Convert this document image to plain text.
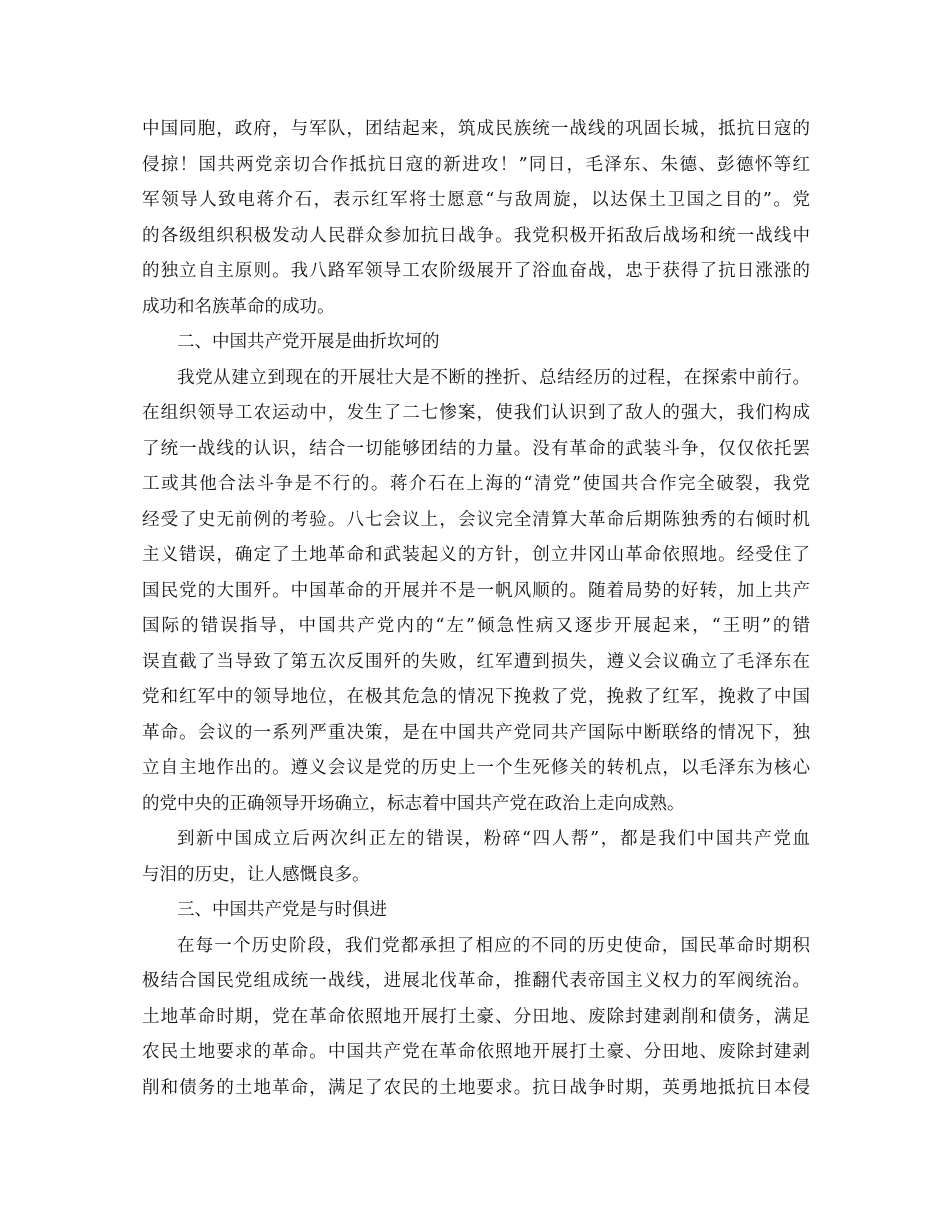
中国同胞，政府，与军队，团结起来，筑成民族统一战线的巩固长城，抵抗日寇的
侵掠！国共两党亲切合作抵抗日寇的新进攻！”同日，毛泽东、朱德、彭德怀等红
军领导人致电蒋介石，表示红军将士愿意“与敌周旋，以达保土卫国之目的”。党
的各级组织积极发动人民群众参加抗日战争。我党积极开拓敌后战场和统一战线中
的独立自主原则。我八路军领导工农阶级展开了浴血奋战，忠于获得了抗日涨涨的
成功和名族革命的成功。
二、中国共产党开展是曲折坎坷的
我党从建立到现在的开展壮大是不断的挫折、总结经历的过程，在探索中前行。
在组织领导工农运动中，发生了二七惨案，使我们认识到了敌人的强大，我们构成
了统一战线的认识，结合一切能够团结的力量。没有革命的武装斗争，仅仅依托罢
工或其他合法斗争是不行的。蒋介石在上海的“清党”使国共合作完全破裂，我党
经受了史无前例的考验。八七会议上，会议完全清算大革命后期陈独秀的右倾时机
主义错误，确定了土地革命和武装起义的方针，创立井冈山革命依照地。经受住了
国民党的大围歼。中国革命的开展并不是一帆风顺的。随着局势的好转，加上共产
国际的错误指导，中国共产党内的“左”倾急性病又逐步开展起来，“王明”的错
误直截了当导致了第五次反围歼的失败，红军遭到损失，遵义会议确立了毛泽东在
党和红军中的领导地位，在极其危急的情况下挽救了党，挽救了红军，挽救了中国
革命。会议的一系列严重决策，是在中国共产党同共产国际中断联络的情况下，独
立自主地作出的。遵义会议是党的历史上一个生死修关的转机点，以毛泽东为核心
的党中央的正确领导开场确立，标志着中国共产党在政治上走向成熟。
到新中国成立后两次纠正左的错误，粉碎“四人帮”，都是我们中国共产党血
与泪的历史，让人感慨良多。
三、中国共产党是与时俱进
在每一个历史阶段，我们党都承担了相应的不同的历史使命，国民革命时期积
极结合国民党组成统一战线，进展北伐革命，推翻代表帝国主义权力的军阀统治。
土地革命时期，党在革命依照地开展打土豪、分田地、废除封建剥削和债务，满足
农民土地要求的革命。中国共产党在革命依照地开展打土豪、分田地、废除封建剥
削和债务的土地革命，满足了农民的土地要求。抗日战争时期，英勇地抵抗日本侵
